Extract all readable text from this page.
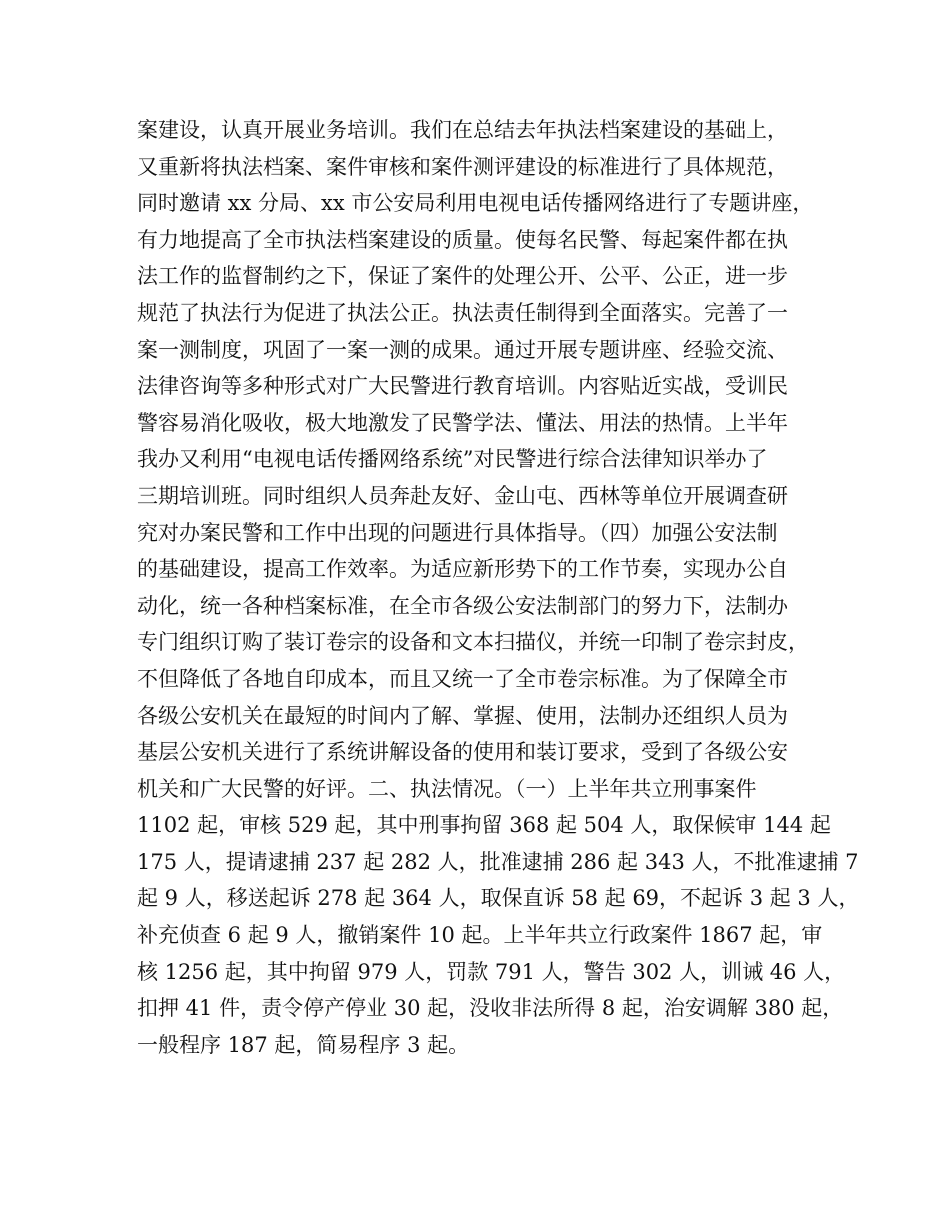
案建设，认真开展业务培训。我们在总结去年执法档案建设的基础上，
又重新将执法档案、案件审核和案件测评建设的标准进行了具体规范，
同时邀请 xx 分局、xx 市公安局利用电视电话传播网络进行了专题讲座，
有力地提高了全市执法档案建设的质量。使每名民警、每起案件都在执
法工作的监督制约之下，保证了案件的处理公开、公平、公正，进一步
规范了执法行为促进了执法公正。执法责任制得到全面落实。完善了一
案一测制度，巩固了一案一测的成果。通过开展专题讲座、经验交流、
法律咨询等多种形式对广大民警进行教育培训。内容贴近实战，受训民
警容易消化吸收，极大地激发了民警学法、懂法、用法的热情。上半年
我办又利用“电视电话传播网络系统”对民警进行综合法律知识举办了
三期培训班。同时组织人员奔赴友好、金山屯、西林等单位开展调查研
究对办案民警和工作中出现的问题进行具体指导。（四）加强公安法制
的基础建设，提高工作效率。为适应新形势下的工作节奏，实现办公自
动化，统一各种档案标准，在全市各级公安法制部门的努力下，法制办
专门组织订购了装订卷宗的设备和文本扫描仪，并统一印制了卷宗封皮，
不但降低了各地自印成本，而且又统一了全市卷宗标准。为了保障全市
各级公安机关在最短的时间内了解、掌握、使用，法制办还组织人员为
基层公安机关进行了系统讲解设备的使用和装订要求，受到了各级公安
机关和广大民警的好评。二、执法情况。（一）上半年共立刑事案件
1102 起，审核 529 起，其中刑事拘留 368 起 504 人，取保候审 144 起
175 人，提请逮捕 237 起 282 人，批准逮捕 286 起 343 人，不批准逮捕 7
起 9 人，移送起诉 278 起 364 人，取保直诉 58 起 69，不起诉 3 起 3 人，
补充侦查 6 起 9 人，撤销案件 10 起。上半年共立行政案件 1867 起，审
核 1256 起，其中拘留 979 人，罚款 791 人，警告 302 人，训诫 46 人，
扣押 41 件，责令停产停业 30 起，没收非法所得 8 起，治安调解 380 起，
一般程序 187 起，简易程序 3 起。
